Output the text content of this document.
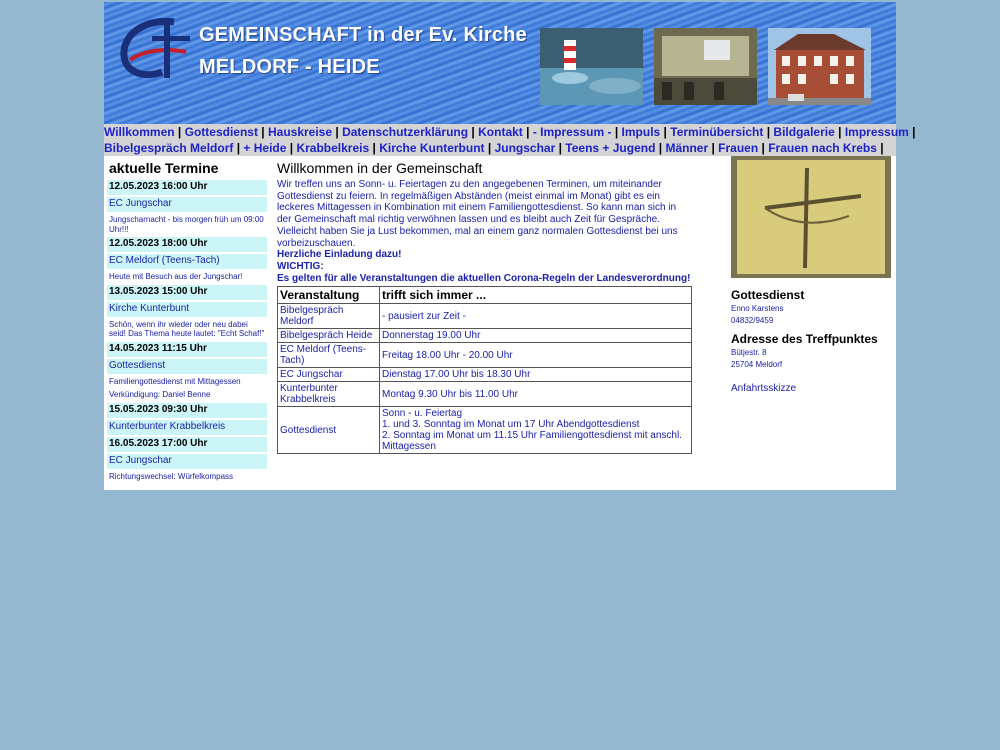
GEMEINSCHAFT in der Ev. Kirche
MELDORF - HEIDE
Willkommen | Gottesdienst | Hauskreise | Datenschutzerklärung | Kontakt | - Impressum - | Impuls | Terminübersicht | Bildgalerie | Impressum |
Bibelgespräch Meldorf | + Heide | Krabbelkreis | Kirche Kunterbunt | Jungschar | Teens + Jugend | Männer | Frauen | Frauen nach Krebs |
aktuelle Termine
12.05.2023 16:00 Uhr
EC Jungschar
Jungscharnacht - bis morgen früh um 09:00 Uhr!!!
12.05.2023 18:00 Uhr
EC Meldorf (Teens-Tach)
Heute mit Besuch aus der Jungschar!
13.05.2023 15:00 Uhr
Kirche Kunterbunt
Schön, wenn ihr wieder oder neu dabei seid! Das Thema heute lautet: "Echt Schaf!"
14.05.2023 11:15 Uhr
Gottesdienst
Familiengottesdienst mit Mittagessen
Verkündigung: Daniel Benne
15.05.2023 09:30 Uhr
Kunterbunter Krabbelkreis
16.05.2023 17:00 Uhr
EC Jungschar
Richtungswechsel: Würfelkompass
Willkommen in der Gemeinschaft
Wir treffen uns an Sonn- u. Feiertagen zu den angegebenen Terminen, um miteinander Gottesdienst zu feiern. In regelmäßigen Abständen (meist einmal im Monat) gibt es ein leckeres Mittagessen in Kombination mit einem Familiengottesdienst. So kann man sich in der Gemeinschaft mal richtig verwöhnen lassen und es bleibt auch Zeit für Gespräche. Vielleicht haben Sie ja Lust bekommen, mal an einem ganz normalen Gottesdienst bei uns vorbeizuschauen.
Herzliche Einladung dazu!
WICHTIG:
Es gelten für alle Veranstaltungen die aktuellen Corona-Regeln der Landesverordnung!
Veranstaltung	trifft sich immer ...
Bibelgespräch Meldorf	- pausiert zur Zeit -
Bibelgespräch Heide	Donnerstag 19.00 Uhr
EC Meldorf (Teens-Tach)	Freitag 18.00 Uhr - 20.00 Uhr
EC Jungschar	Dienstag 17.00 Uhr bis 18.30 Uhr
Kunterbunter Krabbelkreis	Montag 9.30 Uhr bis 11.00 Uhr
Gottesdienst	Sonn - u. Feiertag
1. und 3. Sonntag im Monat um 17 Uhr Abendgottesdienst
2. Sonntag im Monat um 11.15 Uhr Familiengottesdienst mit anschl. Mittagessen
Gottesdienst
Enno Karstens
04832/9459
Adresse des Treffpunktes
Bütjestr. 8
25704 Meldorf
Anfahrtsskizze
